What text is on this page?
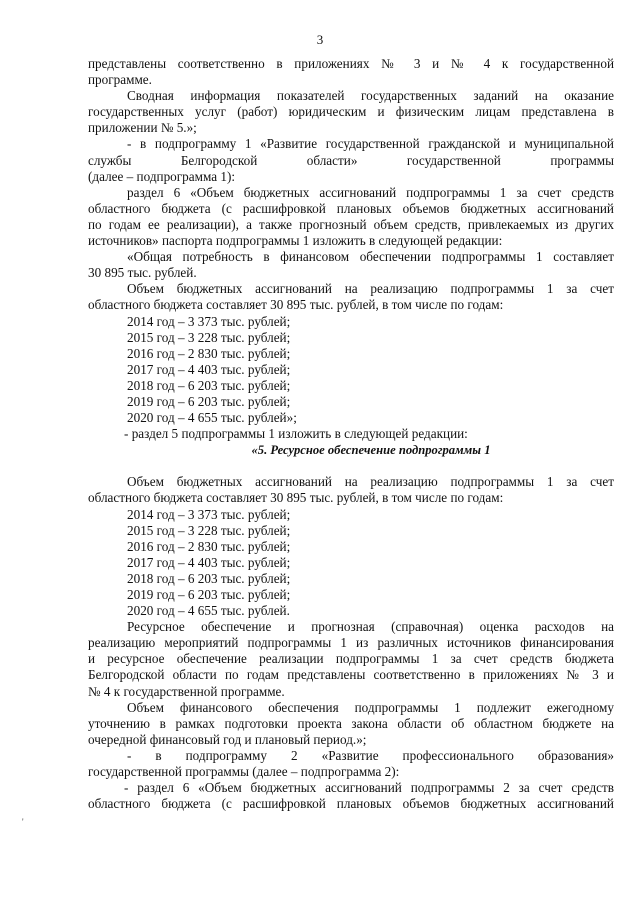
3

представлены соответственно в приложениях № 3 и № 4 к государственной

программе.

Сводная информация показателей государственных заданий на оказание

государственных услуг (работ) юридическим и физическим лицам представлена в

приложении № 5.»;

- в подпрограмму 1 «Развитие государственной гражданской и муниципальной

службы Белгородской области» государственной программы

(далее – подпрограмма 1):

раздел 6 «Объем бюджетных ассигнований подпрограммы 1 за счет средств

областного бюджета (с расшифровкой плановых объемов бюджетных ассигнований

по годам ее реализации), а также прогнозный объем средств, привлекаемых из других

источников» паспорта подпрограммы 1 изложить в следующей редакции:

«Общая потребность в финансовом обеспечении подпрограммы 1 составляет

30 895 тыс. рублей.

Объем бюджетных ассигнований на реализацию подпрограммы 1 за счет

областного бюджета составляет 30 895 тыс. рублей, в том числе по годам:

2014 год – 3 373 тыс. рублей;

2015 год – 3 228 тыс. рублей;

2016 год – 2 830 тыс. рублей;

2017 год – 4 403 тыс. рублей;

2018 год – 6 203 тыс. рублей;

2019 год – 6 203 тыс. рублей;

2020 год – 4 655 тыс. рублей»;

- раздел 5 подпрограммы 1 изложить в следующей редакции:

«5. Ресурсное обеспечение подпрограммы 1

Объем бюджетных ассигнований на реализацию подпрограммы 1 за счет

областного бюджета составляет 30 895 тыс. рублей, в том числе по годам:

2014 год – 3 373 тыс. рублей;

2015 год – 3 228 тыс. рублей;

2016 год – 2 830 тыс. рублей;

2017 год – 4 403 тыс. рублей;

2018 год – 6 203 тыс. рублей;

2019 год – 6 203 тыс. рублей;

2020 год – 4 655 тыс. рублей.

Ресурсное обеспечение и прогнозная (справочная) оценка расходов на

реализацию мероприятий подпрограммы 1 из различных источников финансирования

и ресурсное обеспечение реализации подпрограммы 1 за счет средств бюджета

Белгородской области по годам представлены соответственно в приложениях № 3 и

№ 4 к государственной программе.

Объем финансового обеспечения подпрограммы 1 подлежит ежегодному

уточнению в рамках подготовки проекта закона области об областном бюджете на

очередной финансовый год и плановый период.»;

- в подпрограмму 2 «Развитие профессионального образования»

государственной программы (далее – подпрограмма 2):

- раздел 6 «Объем бюджетных ассигнований подпрограммы 2 за счет средств

областного бюджета (с расшифровкой плановых объемов бюджетных ассигнований

'
